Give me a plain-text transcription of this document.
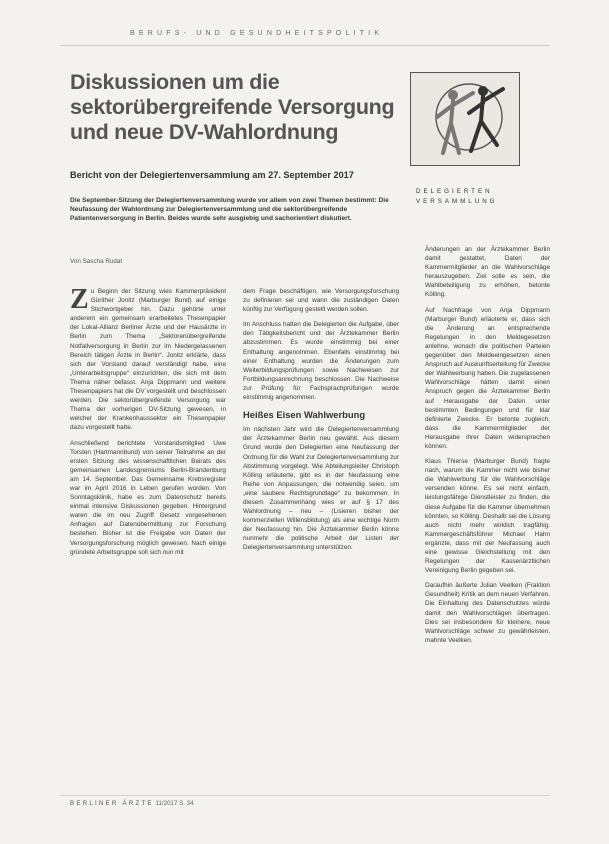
BERUFS- UND GESUNDHEITSPOLITIK
Diskussionen um die sektorübergreifende Versorgung und neue DV-Wahlordnung
Bericht von der Delegiertenversammlung am 27. September 2017
Die September-Sitzung der Delegiertenversammlung wurde vor allem von zwei Themen bestimmt: Die Neufassung der Wahlordnung zur Delegiertenversammlung und die sektorübergreifende Patientenversorgung in Berlin. Beides wurde sehr ausgiebig und sachorientiert diskutiert.
Von Sascha Rudat
DELEGIERTEN
VERSAMMLUNG

Zu Beginn der Sitzung wies Kammerpräsident Günther Jonitz (Marburger Bund) auf einige Stichwortgeber hin. Dazu gehörte unter anderem ein gemeinsam erarbeitetes Thesenpapier der Lokal-Allianz Berliner Ärzte und der Hausärzte in Berlin zum Thema „Sektorenübergreifende Notfallversorgung in Berlin zur im Niedergelassenen Bereich tätigen Ärzte in Berlin“. Jonitz erklärte, dass sich der Vorstand darauf verständigt habe, eine „Unterarbeitsgruppe“ einzurichten, die sich mit dem Thema näher befasst. Anja Dippmann und weitere Thesenpapiers hat die DV vorgestellt und beschlossen werden. Die sektorübergreifende Versorgung war Thema der vorherigen DV-Sitzung gewesen, in welcher der Krankenhaussektor ein Thesenpapier dazu vorgestellt hatte.

Anschließend berichtete Vorstandsmitglied Uwe Torsten (Hartmannbund) von seiner Teilnahme an der ersten Sitzung des wissenschaftlichen Beirats des gemeinsamen Landesgremiums Berlin-Brandenburg am 14. September. Das Gemeinsame Krebsregister war im April 2016 in Leben gerufen worden. Von Sonntagsklinik, habe es zum Datenschutz bereits einmal intensive Diskussionen gegeben. Hintergrund waren die im neu Zugriff Gesetz vorgesehenen Anfragen auf Datenübermittlung zur Forschung bestehen. Bisher ist die Freigabe von Daten der Versorgungsforschung möglich gewesen. Nach einige gründete Arbeitsgruppe soll sich nun mit

dem Frage beschäftigen, wie Versorgungsforschung zu definieren sei und wann die zuständigen Daten künftig zur Verfügung gestellt werden sollen.

Im Anschluss hatten die Delegierten die Aufgabe, über den Tätigkeitsbericht und der Ärztekammer Berlin abzustimmen. Es wurde einstimmig bei einer Enthaltung angenommen. Ebenfalls einstimmig bei einer Enthaltung wurden die Änderungen zum Weiterbildungsprüfungen sowie Nachweisen zur Fortbildungsanrechnung beschlossen. Die Nachweise zur Prüfung für Fachsprachprüfungen wurde einstimmig angenommen.

Heißes Eisen Wahlwerbung

Im nächsten Jahr wird die Delegiertenversammlung der Ärztekammer Berlin neu gewählt. Aus diesem Grund wurde den Delegierten eine Neufassung der Ordnung für die Wahl zur Delegiertenversammlung zur Abstimmung vorgelegt. Wie Abteilungsleiter Christoph Kölling erläuterte, gibt es in der Neufassung eine Reihe von Anpassungen, die notwendig seien, um „eine saubere Rechtsgrundlage“ zu bekommen. In diesem Zusammenhang wies er auf § 17 des Wahlordnung – neu – (Lisieren bisher der kommerziellen Willensbildung) als eine wichtige Norm der Neufassung hin. Die Ärztekammer Berlin könne nunmehr die politische Arbeit der Listen der Delegiertenversammlung unterstützen.

Änderungen an der Ärztekammer Berlin damit gestattet, Daten der Kammermitglieder an die Wahlvorschläge herauszugeben. Ziel solle es sein, die Wahlbeteiligung zu erhöhen, betonte Kölling.

Auf Nachfrage von Anja Dippmann (Marburger Bund) erläuterte er, dass sich die Änderung an entsprechende Regelungen in den Meldegesetzen anlehne, wonach die politischen Parteien gegenüber den Meldeeingesetzen einen Anspruch auf Auskunftserteilung für Zwecke der Wahlwerbung haben. Die zugelassenen Wahlvorschläge hätten damit einen Anspruch gegen die Ärztekammer Berlin auf Herausgabe der Daten unter bestimmten Bedingungen und für klar definierte Zwecke. Er betonte zugleich, dass die Kammermitglieder der Herausgabe ihrer Daten widersprechen können.

Klaus Thierse (Marburger Bund) fragte nach, warum die Kammer nicht wie bisher die Wahlwerbung für die Wahlvorschläge versenden könne. Es sei nicht einfach, leistungsfähige Dienstleister zu finden, die diese Aufgabe für die Kammer übernehmen könnten, so Kölling. Deshalb sei die Lösung auch nicht mehr wirklich tragfähig. Kammergeschäftsführer Michael Hahn ergänzte, dass mit der Neufassung auch eine gewisse Gleichstellung mit den Regelungen der Kassenärztlichen Vereinigung Berlin gegeben sei.

Daraufhin äußerte Julian Veelken (Fraktion Gesundheit) Kritik an dem neuen Verfahren. Die Einhaltung des Datenschutzes würde damit den Wahlvorschlägen übertragen. Dies sei insbesondere für kleinere, neue Wahlvorschläge schwer zu gewährleisten, mahnte Veelken.

BERLINER ÄRZTE 11/2017 S. 34
